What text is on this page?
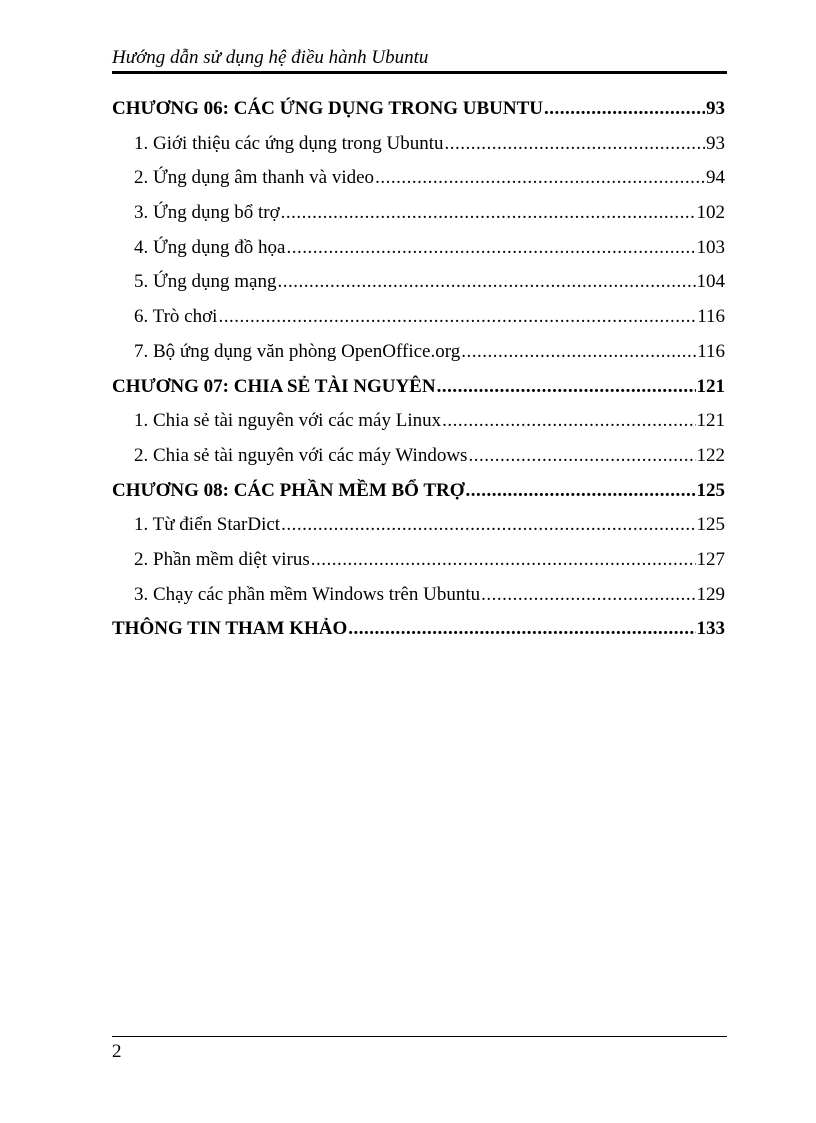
Hướng dẫn sử dụng hệ điều hành Ubuntu
CHƯƠNG 06: CÁC ỨNG DỤNG TRONG UBUNTU .....	93
1. Giới thiệu các ứng dụng trong Ubuntu .....	93
2. Ứng dụng âm thanh và video .....	94
3. Ứng dụng bổ trợ .....	102
4. Ứng dụng đồ họa .....	103
5. Ứng dụng mạng .....	104
6. Trò chơi .....	116
7. Bộ ứng dụng văn phòng OpenOffice.org .....	116
CHƯƠNG 07: CHIA SẺ TÀI NGUYÊN .....	121
1. Chia sẻ tài nguyên với các máy Linux .....	121
2. Chia sẻ tài nguyên với các máy Windows .....	122
CHƯƠNG 08: CÁC PHẦN MỀM BỔ TRỢ .....	125
1. Từ điển StarDict .....	125
2. Phần mềm diệt virus .....	127
3. Chạy các phần mềm Windows trên Ubuntu .....	129
THÔNG TIN THAM KHẢO .....	133
2
